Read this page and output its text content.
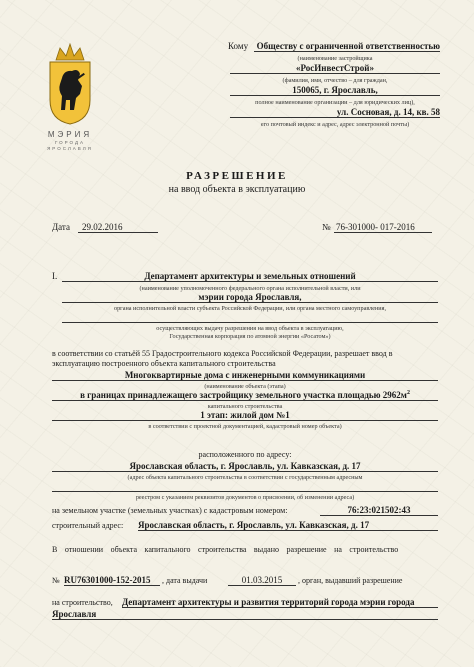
МЭРИЯ
ГОРОДА
ЯРОСЛАВЛЯ
Кому Обществу с ограниченной ответственностью
(наименование застройщика
«РосИнвестСтрой»
(фамилия, имя, отчество – для граждан,
150065, г. Ярославль,
полное наименование организации – для юридических лиц),
ул. Сосновая, д. 14, кв. 58
его почтовый индекс и адрес, адрес электронной почты)
РАЗРЕШЕНИЕ
на ввод объекта в эксплуатацию
Дата	29.02.2016	№ 76-301000- 017-2016
I.	Департамент архитектуры и земельных отношений
(наименование уполномоченного федерального органа исполнительной власти, или
мэрии города Ярославля,
органа исполнительной власти субъекта Российской Федерации, или органа местного самоуправления,
осуществляющих выдачу разрешения на ввод объекта в эксплуатацию,
Государственная корпорация по атомной энергии «Росатом»)
в соответствии со статьёй 55 Градостроительного кодекса Российской Федерации, разрешает ввод в
эксплуатацию построенного объекта капитального строительства
Многоквартирные дома с инженерными коммуникациями
(наименование объекта (этапа)
в границах принадлежащего застройщику земельного участка площадью $2962м^2$
капитального строительства
1 этап: жилой дом №1
в соответствии с проектной документацией, кадастровый номер объекта)
расположенного по адресу:
Ярославская область, г. Ярославль, ул. Кавказская, д. 17
(адрес объекта капитального строительства в соответствии с государственным адресным
реестром с указанием реквизитов документов о присвоении, об изменении адреса)
на земельном участке (земельных участках) с кадастровым номером:	76:23:021502:43
строительный адрес: Ярославская область, г. Ярославль, ул. Кавказская, д. 17
В отношении объекта капитального строительства выдано разрешение на строительство
№ RU76301000-152-2015	, дата выдачи	01.03.2015	, орган, выдавший разрешение
на строительство, Департамент архитектуры и развития территорий города мэрии города
Ярославля
